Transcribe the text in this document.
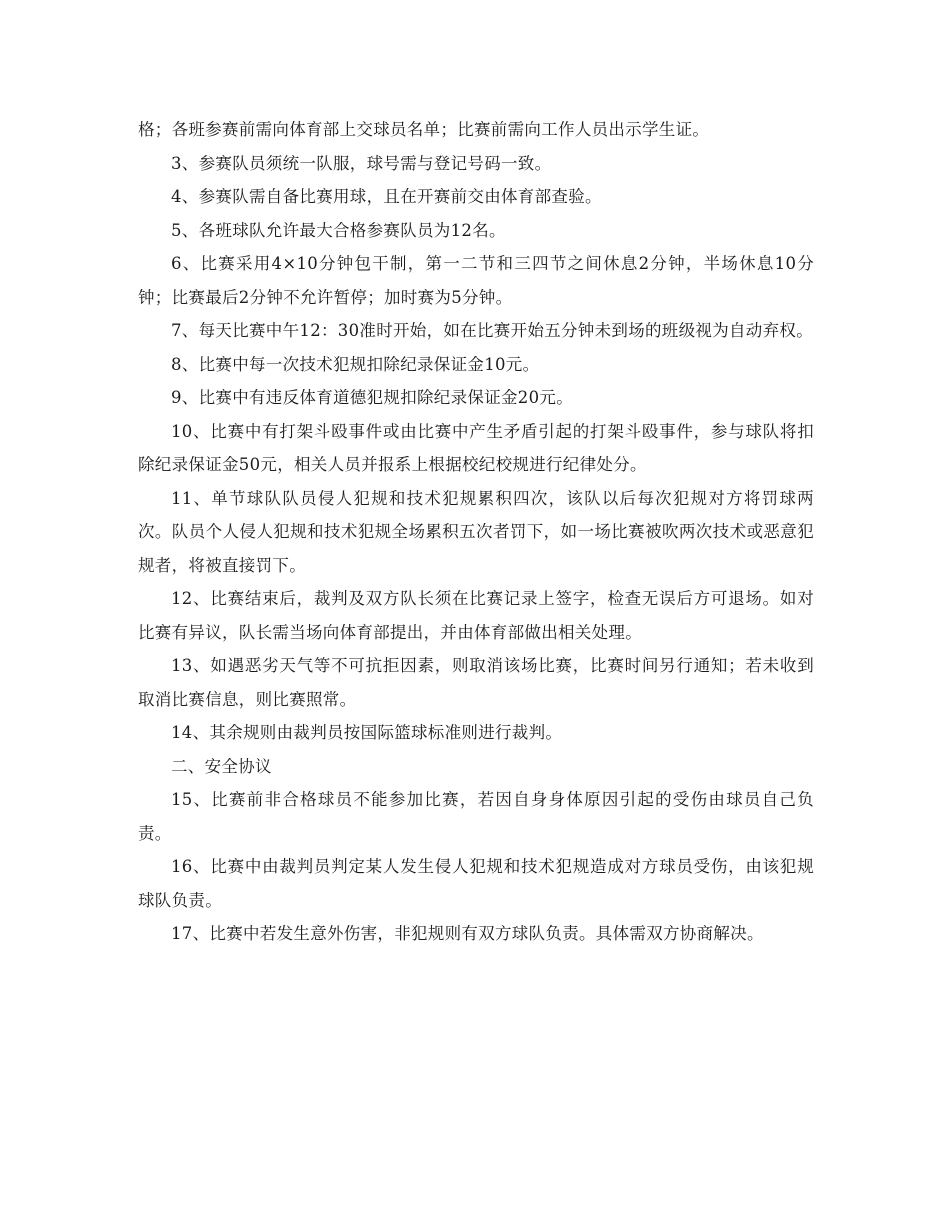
格；各班参赛前需向体育部上交球员名单；比赛前需向工作人员出示学生证。

3、参赛队员须统一队服，球号需与登记号码一致。

4、参赛队需自备比赛用球，且在开赛前交由体育部查验。

5、各班球队允许最大合格参赛队员为12名。

6、比赛采用4×10分钟包干制，第一二节和三四节之间休息2分钟，半场休息10分钟；比赛最后2分钟不允许暂停；加时赛为5分钟。

7、每天比赛中午12：30准时开始，如在比赛开始五分钟未到场的班级视为自动弃权。

8、比赛中每一次技术犯规扣除纪录保证金10元。

9、比赛中有违反体育道德犯规扣除纪录保证金20元。

10、比赛中有打架斗殴事件或由比赛中产生矛盾引起的打架斗殴事件，参与球队将扣除纪录保证金50元，相关人员并报系上根据校纪校规进行纪律处分。

11、单节球队队员侵人犯规和技术犯规累积四次，该队以后每次犯规对方将罚球两次。队员个人侵人犯规和技术犯规全场累积五次者罚下，如一场比赛被吹两次技术或恶意犯规者，将被直接罚下。

12、比赛结束后，裁判及双方队长须在比赛记录上签字，检查无误后方可退场。如对比赛有异议，队长需当场向体育部提出，并由体育部做出相关处理。

13、如遇恶劣天气等不可抗拒因素，则取消该场比赛，比赛时间另行通知；若未收到取消比赛信息，则比赛照常。

14、其余规则由裁判员按国际篮球标准则进行裁判。

二、安全协议

15、比赛前非合格球员不能参加比赛，若因自身身体原因引起的受伤由球员自己负责。

16、比赛中由裁判员判定某人发生侵人犯规和技术犯规造成对方球员受伤，由该犯规球队负责。

17、比赛中若发生意外伤害，非犯规则有双方球队负责。具体需双方协商解决。
